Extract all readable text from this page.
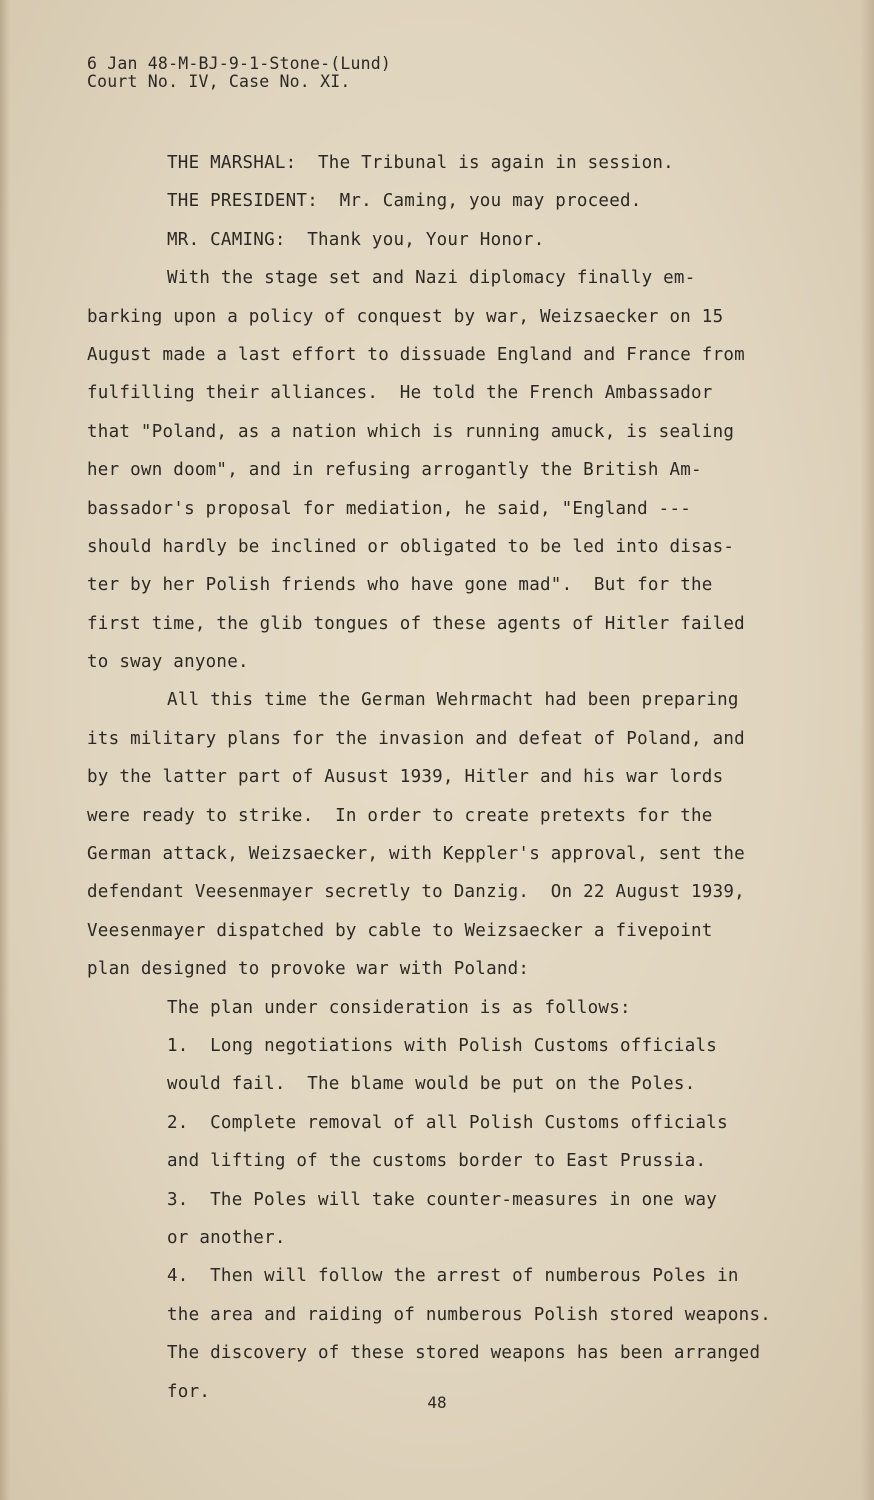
6 Jan 48-M-BJ-9-1-Stone-(Lund)
Court No. IV, Case No. XI.
THE MARSHAL:  The Tribunal is again in session.
THE PRESIDENT:  Mr. Caming, you may proceed.
MR. CAMING:  Thank you, Your Honor.
With the stage set and Nazi diplomacy finally em-
barking upon a policy of conquest by war, Weizsaecker on 15
August made a last effort to dissuade England and France from
fulfilling their alliances.  He told the French Ambassador
that "Poland, as a nation which is running amuck, is sealing
her own doom", and in refusing arrogantly the British Am-
bassador's proposal for mediation, he said, "England ---
should hardly be inclined or obligated to be led into disas-
ter by her Polish friends who have gone mad".  But for the
first time, the glib tongues of these agents of Hitler failed
to sway anyone.
All this time the German Wehrmacht had been preparing
its military plans for the invasion and defeat of Poland, and
by the latter part of Ausust 1939, Hitler and his war lords
were ready to strike.  In order to create pretexts for the
German attack, Weizsaecker, with Keppler's approval, sent the
defendant Veesenmayer secretly to Danzig.  On 22 August 1939,
Veesenmayer dispatched by cable to Weizsaecker a fivepoint
plan designed to provoke war with Poland:
The plan under consideration is as follows:
1.  Long negotiations with Polish Customs officials
would fail.  The blame would be put on the Poles.
2.  Complete removal of all Polish Customs officials
and lifting of the customs border to East Prussia.
3.  The Poles will take counter-measures in one way
or another.
4.  Then will follow the arrest of numberous Poles in
the area and raiding of numberous Polish stored weapons.
The discovery of these stored weapons has been arranged
for.
48
